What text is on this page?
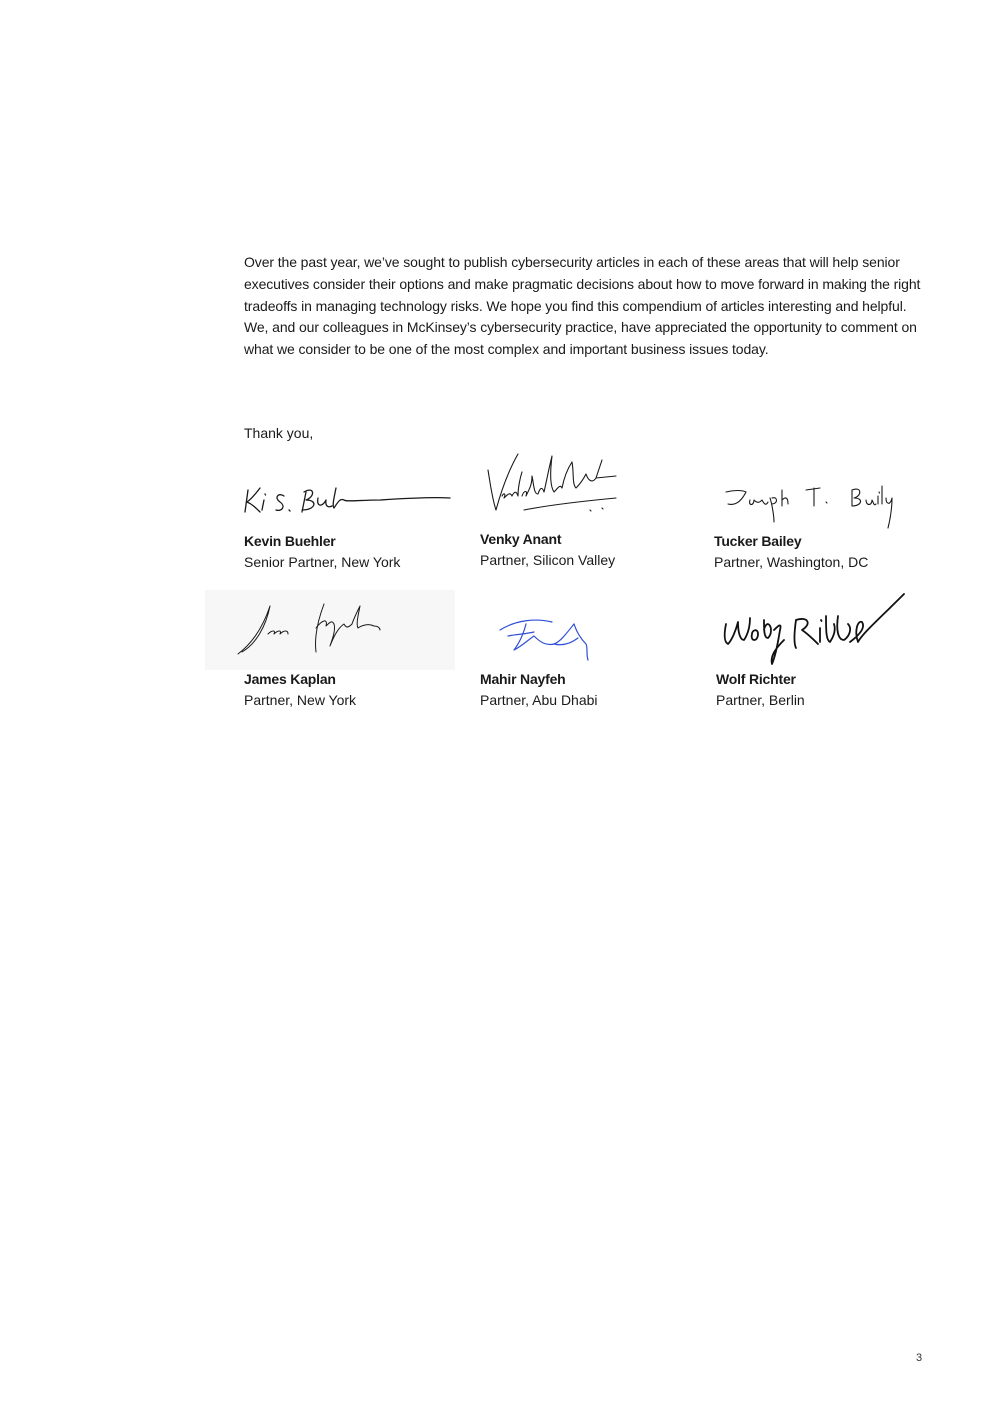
Over the past year, we’ve sought to publish cybersecurity articles in each of these areas that will help senior executives consider their options and make pragmatic decisions about how to move forward in making the right tradeoffs in managing technology risks. We hope you find this compendium of articles interesting and helpful. We, and our colleagues in McKinsey’s cybersecurity practice, have appreciated the opportunity to comment on what we consider to be one of the most complex and important business issues today.

Thank you,

Kevin Buehler
Senior Partner, New York
Venky Anant
Partner, Silicon Valley
Tucker Bailey
Partner, Washington, DC
James Kaplan
Partner, New York
Mahir Nayfeh
Partner, Abu Dhabi
Wolf Richter
Partner, Berlin
3
